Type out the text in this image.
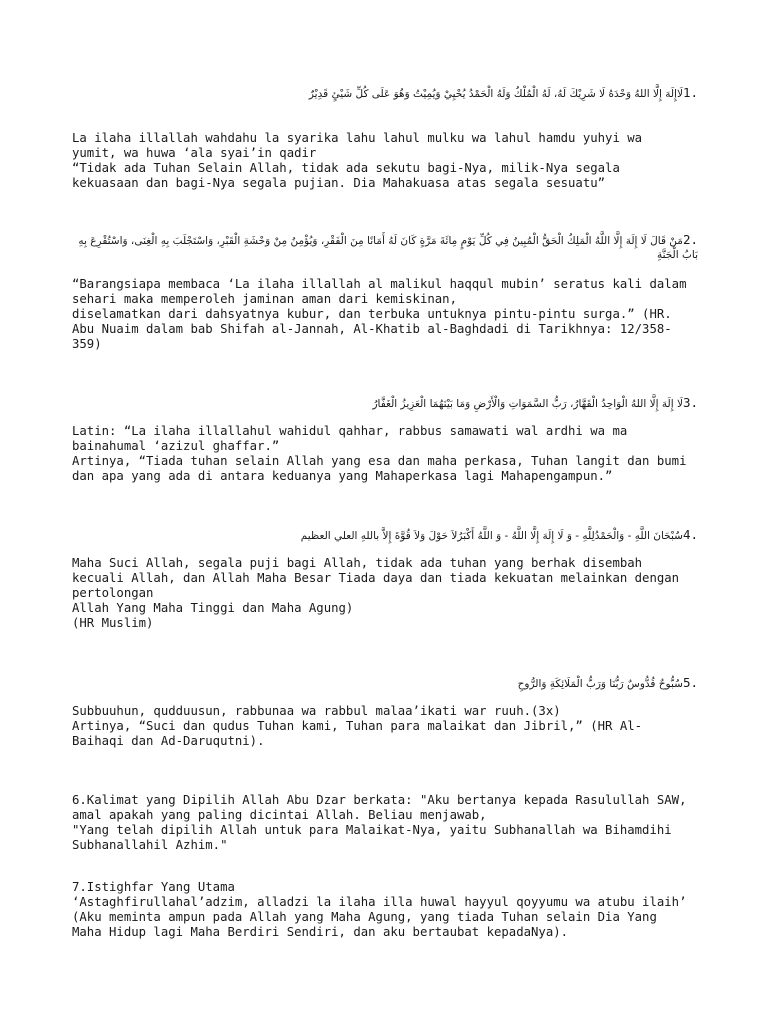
1.لَاإِلَهَ إِلَّا اللهُ وَحْدَهُ لَا شَرِيْكَ لَهُ، لَهُ الْمُلْكُ وَلَهُ الْحَمْدُ يُحْيِيْ وَيُمِيْتُ وَهُوَ عَلَى كُلِّ شَيْئٍ قَدِيْرٌ
La ilaha illallah wahdahu la syarika lahu lahul mulku wa lahul hamdu yuhyi wa
yumit, wa huwa ‘ala syai’in qadir
“Tidak ada Tuhan Selain Allah, tidak ada sekutu bagi-Nya, milik-Nya segala
kekuasaan dan bagi-Nya segala pujian. Dia Mahakuasa atas segala sesuatu”
2.مَنْ قَالَ لَا إِلَهَ إِلَّا اللَّهُ الْمَلِكُ الْحَقُّ الْمُبِينُ فِي كُلِّ يَوْمٍ مِائَةَ مَرَّةٍ كَانَ لَهُ أَمَانًا مِنَ الْفَقْرِ، وَيُؤْمِنُ مِنْ وَحْشَةِ الْقَبْرِ، وَاسْتَجْلَبَ بِهِ الْغِنَى، وَاسْتُقْرِعَ بِهِ بَابُ الْجَنَّةِ
“Barangsiapa membaca ‘La ilaha illallah al malikul haqqul mubin’ seratus kali dalam
sehari maka memperoleh jaminan aman dari kemiskinan,
diselamatkan dari dahsyatnya kubur, dan terbuka untuknya pintu-pintu surga.” (HR.
Abu Nuaim dalam bab Shifah al-Jannah, Al-Khatib al-Baghdadi di Tarikhnya: 12/358-
359)
3.لَا إِلَهَ إِلَّا اللهُ الْوَاحِدُ الْقَهَّارُ، رَبُّ السَّمَوَاتِ وَالْأَرْضِ وَمَا بَيْنَهُمَا الْعَزِيزُ الْغَفَّارُ
Latin: “La ilaha illallahul wahidul qahhar, rabbus samawati wal ardhi wa ma
bainahumal ‘azizul ghaffar.”
Artinya, “Tiada tuhan selain Allah yang esa dan maha perkasa, Tuhan langit dan bumi
dan apa yang ada di antara keduanya yang Mahaperkasa lagi Mahapengampun.”
4.سُبْحَانَ اللَّهِ - وَالْحَمْدُلِلَّهِ - وَ لَا إِلَهَ إِلَّا اللَّهُ - وَ اللَّهُ أَكْبَرُلاَ حَوْلَ وَلاَ قُوَّةَ إِلاَّ باللهِ العلي العظيم
Maha Suci Allah, segala puji bagi Allah, tidak ada tuhan yang berhak disembah
kecuali Allah, dan Allah Maha Besar Tiada daya dan tiada kekuatan melainkan dengan
pertolongan
Allah Yang Maha Tinggi dan Maha Agung)
(HR Muslim)
5.سُبُّوحٌ قُدُّوسٌ رَبُّنَا وَرَبُّ الْمَلَائِكَةِ وَالرُّوحِ
Subbuuhun, qudduusun, rabbunaa wa rabbul malaa’ikati war ruuh.(3x)
Artinya, “Suci dan qudus Tuhan kami, Tuhan para malaikat dan Jibril,” (HR Al-
Baihaqi dan Ad-Daruqutni).
6.Kalimat yang Dipilih Allah Abu Dzar berkata: "Aku bertanya kepada Rasulullah SAW,
amal apakah yang paling dicintai Allah. Beliau menjawab,
"Yang telah dipilih Allah untuk para Malaikat-Nya, yaitu Subhanallah wa Bihamdihi
Subhanallahil Azhim."
7.Istighfar Yang Utama
‘Astaghfirullahal’adzim, alladzi la ilaha illa huwal hayyul qoyyumu wa atubu ilaih’
(Aku meminta ampun pada Allah yang Maha Agung, yang tiada Tuhan selain Dia Yang
Maha Hidup lagi Maha Berdiri Sendiri, dan aku bertaubat kepadaNya).
